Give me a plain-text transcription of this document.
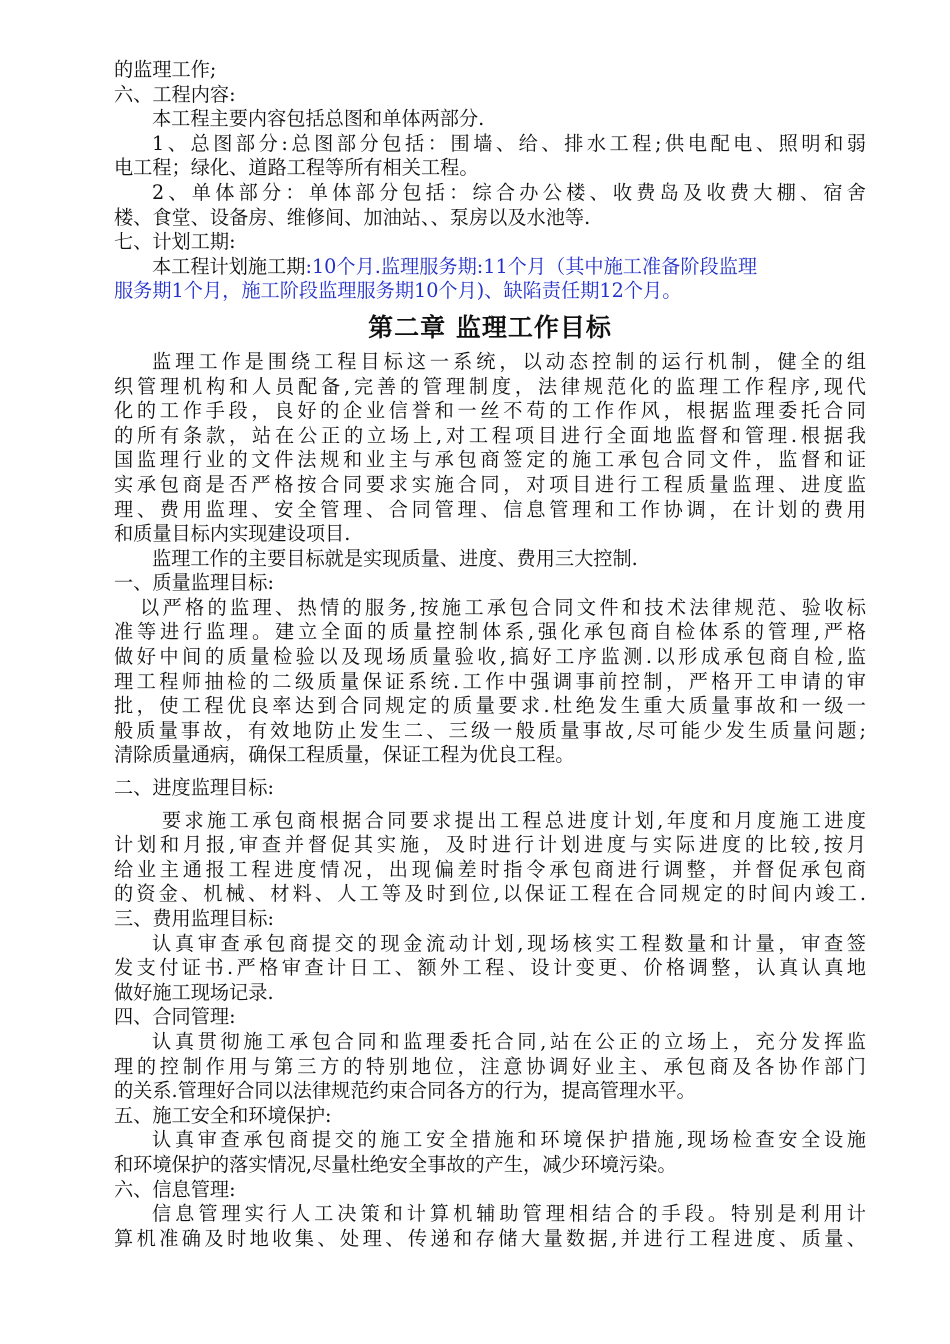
的监理工作;
六、工程内容:
本工程主要内容包括总图和单体两部分.
1、总图部分:总图部分包括：围墙、给、排水工程;供电配电、照明和弱
电工程；绿化、道路工程等所有相关工程。
2、单体部分：单体部分包括：综合办公楼、收费岛及收费大棚、宿舍
楼、食堂、设备房、维修间、加油站、、泵房以及水池等.
七、计划工期:
本工程计划施工期:10个月.监理服务期:11个月（其中施工准备阶段监理
服务期1个月，施工阶段监理服务期10个月)、缺陷责任期12个月。
第二章 监理工作目标
监理工作是围绕工程目标这一系统，以动态控制的运行机制，健全的组
织管理机构和人员配备,完善的管理制度，法律规范化的监理工作程序,现代
化的工作手段，良好的企业信誉和一丝不苟的工作作风，根据监理委托合同
的所有条款，站在公正的立场上,对工程项目进行全面地监督和管理.根据我
国监理行业的文件法规和业主与承包商签定的施工承包合同文件，监督和证
实承包商是否严格按合同要求实施合同，对项目进行工程质量监理、进度监
理、费用监理、安全管理、合同管理、信息管理和工作协调，在计划的费用
和质量目标内实现建设项目.
监理工作的主要目标就是实现质量、进度、费用三大控制.
一、质量监理目标:
以严格的监理、热情的服务,按施工承包合同文件和技术法律规范、验收标
准等进行监理。建立全面的质量控制体系,强化承包商自检体系的管理,严格
做好中间的质量检验以及现场质量验收,搞好工序监测.以形成承包商自检,监
理工程师抽检的二级质量保证系统.工作中强调事前控制，严格开工申请的审
批，使工程优良率达到合同规定的质量要求.杜绝发生重大质量事故和一级一
般质量事故，有效地防止发生二、三级一般质量事故,尽可能少发生质量问题;
清除质量通病，确保工程质量，保证工程为优良工程。
二、进度监理目标:
要求施工承包商根据合同要求提出工程总进度计划,年度和月度施工进度
计划和月报,审查并督促其实施，及时进行计划进度与实际进度的比较,按月
给业主通报工程进度情况，出现偏差时指令承包商进行调整，并督促承包商
的资金、机械、材料、人工等及时到位,以保证工程在合同规定的时间内竣工.
三、费用监理目标:
认真审查承包商提交的现金流动计划,现场核实工程数量和计量，审查签
发支付证书.严格审查计日工、额外工程、设计变更、价格调整，认真认真地
做好施工现场记录.
四、合同管理:
认真贯彻施工承包合同和监理委托合同,站在公正的立场上，充分发挥监
理的控制作用与第三方的特别地位，注意协调好业主、承包商及各协作部门
的关系.管理好合同以法律规范约束合同各方的行为，提高管理水平。
五、施工安全和环境保护:
认真审查承包商提交的施工安全措施和环境保护措施,现场检查安全设施
和环境保护的落实情况,尽量杜绝安全事故的产生，减少环境污染。
六、信息管理:
信息管理实行人工决策和计算机辅助管理相结合的手段。特别是利用计
算机准确及时地收集、处理、传递和存储大量数据,并进行工程进度、质量、
